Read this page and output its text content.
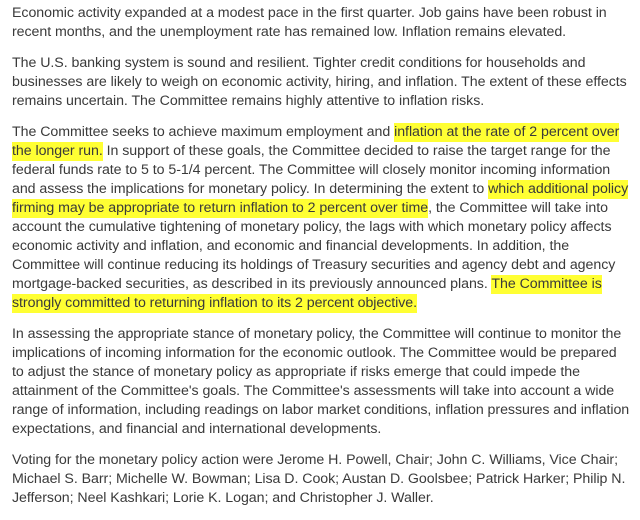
Economic activity expanded at a modest pace in the first quarter. Job gains have been robust in recent months, and the unemployment rate has remained low. Inflation remains elevated.

The U.S. banking system is sound and resilient. Tighter credit conditions for households and businesses are likely to weigh on economic activity, hiring, and inflation. The extent of these effects remains uncertain. The Committee remains highly attentive to inflation risks.

The Committee seeks to achieve maximum employment and inflation at the rate of 2 percent over the longer run. In support of these goals, the Committee decided to raise the target range for the federal funds rate to 5 to 5-1/4 percent. The Committee will closely monitor incoming information and assess the implications for monetary policy. In determining the extent to which additional policy firming may be appropriate to return inflation to 2 percent over time, the Committee will take into account the cumulative tightening of monetary policy, the lags with which monetary policy affects economic activity and inflation, and economic and financial developments. In addition, the Committee will continue reducing its holdings of Treasury securities and agency debt and agency mortgage-backed securities, as described in its previously announced plans. The Committee is strongly committed to returning inflation to its 2 percent objective.

In assessing the appropriate stance of monetary policy, the Committee will continue to monitor the implications of incoming information for the economic outlook. The Committee would be prepared to adjust the stance of monetary policy as appropriate if risks emerge that could impede the attainment of the Committee's goals. The Committee's assessments will take into account a wide range of information, including readings on labor market conditions, inflation pressures and inflation expectations, and financial and international developments.

Voting for the monetary policy action were Jerome H. Powell, Chair; John C. Williams, Vice Chair; Michael S. Barr; Michelle W. Bowman; Lisa D. Cook; Austan D. Goolsbee; Patrick Harker; Philip N. Jefferson; Neel Kashkari; Lorie K. Logan; and Christopher J. Waller.
